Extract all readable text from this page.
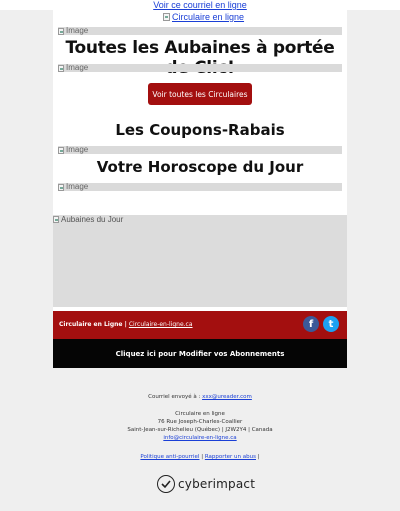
Voir ce courriel en ligne
Circulaire en ligne
Image
Toutes les Aubaines à portée
Image
Voir toutes les Circulaires
Les Coupons-Rabais
Image
Votre Horoscope du Jour
Image
Aubaines du Jour
Circulaire en Ligne | Circulaire-en-ligne.ca	f t
Cliquez ici pour Modifier vos Abonnements
Courriel envoyé à : xxx@ureader.com
Circulaire en ligne
76 Rue Joseph-Charles-Coallier
Saint-Jean-sur-Richelieu (Québec) | J2W2Y4 | Canada
info@circulaire-en-ligne.ca
Politique anti-pourriel | Rapporter un abus |
cyberimpact
